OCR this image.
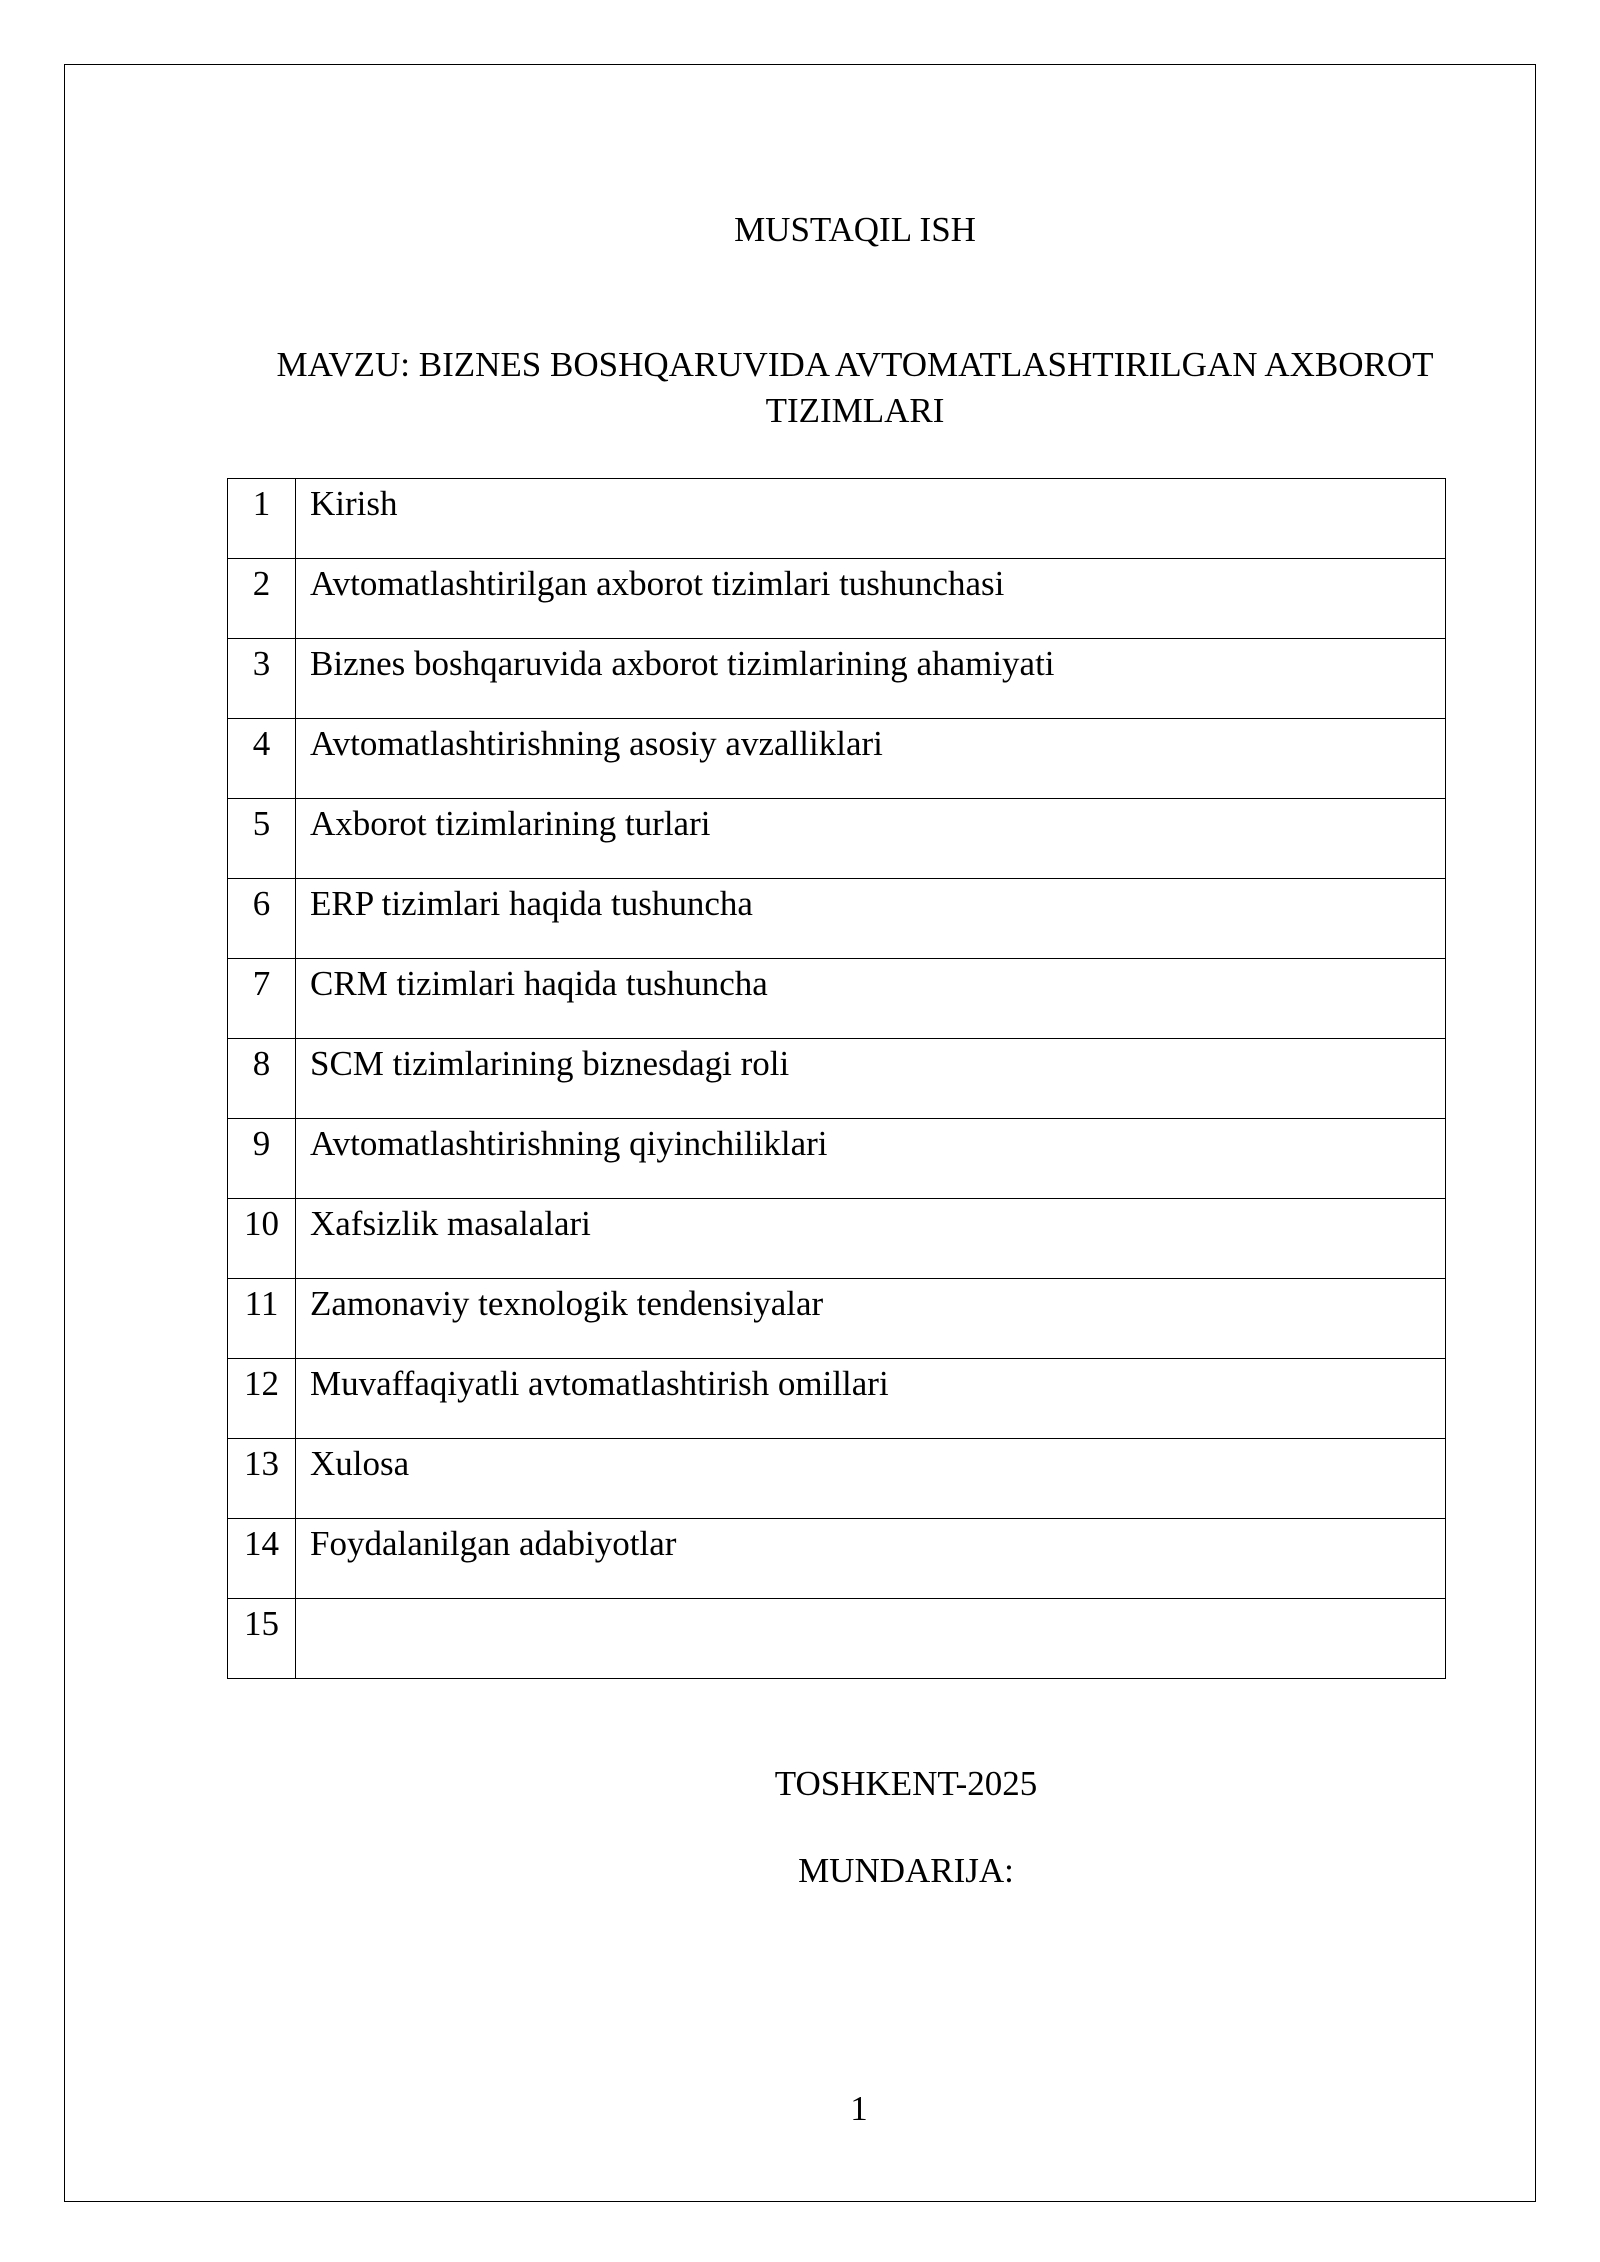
MUSTAQIL ISH
MAVZU: BIZNES BOSHQARUVIDA AVTOMATLASHTIRILGAN AXBOROT TIZIMLARI
1	Kirish
2	Avtomatlashtirilgan axborot tizimlari tushunchasi
3	Biznes boshqaruvida axborot tizimlarining ahamiyati
4	Avtomatlashtirishning asosiy avzalliklari
5	Axborot tizimlarining turlari
6	ERP tizimlari haqida tushuncha
7	CRM tizimlari haqida tushuncha
8	SCM tizimlarining biznesdagi roli
9	Avtomatlashtirishning qiyinchiliklari
10	Xafsizlik masalalari
11	Zamonaviy texnologik tendensiyalar
12	Muvaffaqiyatli avtomatlashtirish omillari
13	Xulosa
14	Foydalanilgan adabiyotlar
15	
TOSHKENT-2025
MUNDARIJA:
1
